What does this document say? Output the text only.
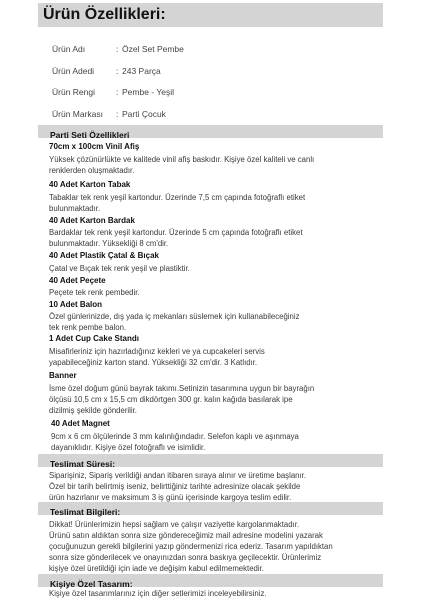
Ürün Özellikleri:
Ürün Adı	: Özel Set Pembe
Ürün Adedi	: 243 Parça
Ürün Rengi : Pembe - Yeşil
Ürün Markası : Parti Çocuk
Parti Seti Özellikleri
70cm x 100cm Vinil Afiş
Yüksek çözünürlükte ve kalitede vinil afiş baskıdır. Kişiye özel kaliteli ve canlı
renklerden oluşmaktadır.
40 Adet Karton Tabak
Tabaklar tek renk yeşil kartondur. Üzerinde 7,5 cm çapında fotoğraflı etiket
bulunmaktadır.
40 Adet Karton Bardak
Bardaklar tek renk yeşil kartondur. Üzerinde 5 cm çapında fotoğraflı etiket
bulunmaktadır. Yüksekliği 8 cm'dir.
40 Adet Plastik Çatal & Bıçak
Çatal ve Bıçak tek renk yeşil ve plastiktir.
40 Adet Peçete
Peçete tek renk pembedir.
10 Adet Balon
Özel günlerinizde, dış yada iç mekanları süslemek için kullanabileceğiniz
tek renk pembe balon.
1 Adet Cup Cake Standı
Misafirleriniz için hazırladığınız kekleri ve ya cupcakeleri servis
yapabileceğiniz karton stand. Yüksekliği 32 cm'dir. 3 Katlıdır.
Banner
İsme özel doğum günü bayrak takımı.Setinizin tasarımına uygun bir bayrağın
ölçüsü 10,5 cm x 15,5 cm dikdörtgen 300 gr. kalın kağıda basılarak ipe
dizilmiş şekilde gönderilir.
40 Adet Magnet
9cm x 6 cm ölçülerinde 3 mm kalınlığındadır. Selefon kaplı ve aşınmaya
dayanıklıdır. Kişiye özel fotoğraflı ve isimlidir.
Teslimat Süresi:
Siparişiniz, Sipariş verildiği andan itibaren sıraya alınır ve üretime başlanır.
Özel bir tarih belirtmiş iseniz, belirttiğiniz tarihte adresinize olacak şekilde
ürün hazırlanır ve maksimum 3 iş günü içerisinde kargoya teslim edilir.
Teslimat Bilgileri:
Dikkat! Ürünlerimizin hepsi sağlam ve çalışır vaziyette kargolanmaktadır.
Ürünü satın aldıktan sonra size göndereceğimiz mail adresine modelini yazarak
çocuğunuzun gerekli bilgilerini yazıp göndermenizi rica ederiz. Tasarım yapıldıktan
sonra size gönderilecek ve onayınızdan sonra baskıya geçilecektir. Ürünlerimiz
kişiye özel üretildiği için iade ve değişim kabul edilmemektedir.
Kişiye Özel Tasarım:
Kişiye özel tasarımlarınız için diğer setlerimizi inceleyebilirsiniz.
